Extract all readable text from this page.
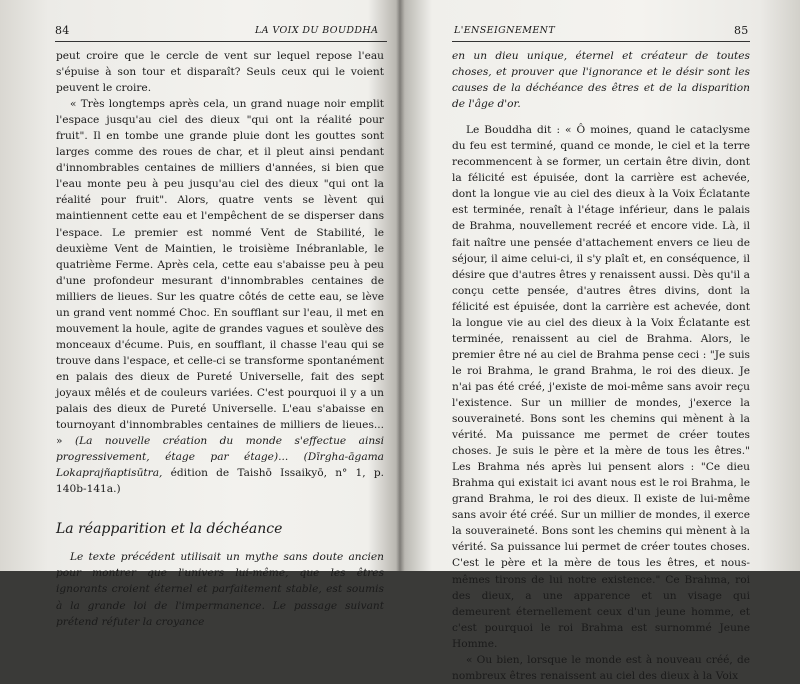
84	LA VOIX DU BOUDDHA

peut croire que le cercle de vent sur lequel repose l'eau s'épuise à son tour et disparaît? Seuls ceux qui le voient peuvent le croire.

« Très longtemps après cela, un grand nuage noir emplit l'espace jusqu'au ciel des dieux "qui ont la réalité pour fruit". Il en tombe une grande pluie dont les gouttes sont larges comme des roues de char, et il pleut ainsi pendant d'innombrables centaines de milliers d'années, si bien que l'eau monte peu à peu jusqu'au ciel des dieux "qui ont la réalité pour fruit". Alors, quatre vents se lèvent qui maintiennent cette eau et l'empêchent de se disperser dans l'espace. Le premier est nommé Vent de Stabilité, le deuxième Vent de Maintien, le troisième Inébranlable, le quatrième Ferme. Après cela, cette eau s'abaisse peu à peu d'une profondeur mesurant d'innombrables centaines de milliers de lieues. Sur les quatre côtés de cette eau, se lève un grand vent nommé Choc. En soufflant sur l'eau, il met en mouvement la houle, agite de grandes vagues et soulève des monceaux d'écume. Puis, en soufflant, il chasse l'eau qui se trouve dans l'espace, et celle-ci se transforme spontanément en palais des dieux de Pureté Universelle, fait des sept joyaux mêlés et de couleurs variées. C'est pourquoi il y a un palais des dieux de Pureté Universelle. L'eau s'abaisse en tournoyant d'innombrables centaines de milliers de lieues... » (La nouvelle création du monde s'effectue ainsi progressivement, étage par étage)... (Dīrgha-āgama Lokaprajñaptisūtra, édition de Taishō Issaikyō, n° 1, p. 140b-141a.)

La réapparition et la déchéance

Le texte précédent utilisait un mythe sans doute ancien pour montrer que l'univers lui-même, que les êtres ignorants croient éternel et parfaitement stable, est soumis à la grande loi de l'impermanence. Le passage suivant prétend réfuter la croyance

L'ENSEIGNEMENT	85

en un dieu unique, éternel et créateur de toutes choses, et prouver que l'ignorance et le désir sont les causes de la déchéance des êtres et de la disparition de l'âge d'or.

Le Bouddha dit : « Ô moines, quand le cataclysme du feu est terminé, quand ce monde, le ciel et la terre recommencent à se former, un certain être divin, dont la félicité est épuisée, dont la carrière est achevée, dont la longue vie au ciel des dieux à la Voix Éclatante est terminée, renaît à l'étage inférieur, dans le palais de Brahma, nouvellement recréé et encore vide. Là, il fait naître une pensée d'attachement envers ce lieu de séjour, il aime celui-ci, il s'y plaît et, en conséquence, il désire que d'autres êtres y renaissent aussi. Dès qu'il a conçu cette pensée, d'autres êtres divins, dont la félicité est épuisée, dont la carrière est achevée, dont la longue vie au ciel des dieux à la Voix Éclatante est terminée, renaissent au ciel de Brahma. Alors, le premier être né au ciel de Brahma pense ceci : "Je suis le roi Brahma, le grand Brahma, le roi des dieux. Je n'ai pas été créé, j'existe de moi-même sans avoir reçu l'existence. Sur un millier de mondes, j'exerce la souveraineté. Bons sont les chemins qui mènent à la vérité. Ma puissance me permet de créer toutes choses. Je suis le père et la mère de tous les êtres." Les Brahma nés après lui pensent alors : "Ce dieu Brahma qui existait ici avant nous est le roi Brahma, le grand Brahma, le roi des dieux. Il existe de lui-même sans avoir été créé. Sur un millier de mondes, il exerce la souveraineté. Bons sont les chemins qui mènent à la vérité. Sa puissance lui permet de créer toutes choses. C'est le père et la mère de tous les êtres, et nous-mêmes tirons de lui notre existence." Ce Brahma, roi des dieux, a une apparence et un visage qui demeurent éternellement ceux d'un jeune homme, et c'est pourquoi le roi Brahma est surnommé Jeune Homme.

« Ou bien, lorsque le monde est à nouveau créé, de nombreux êtres renaissent au ciel des dieux à la Voix
